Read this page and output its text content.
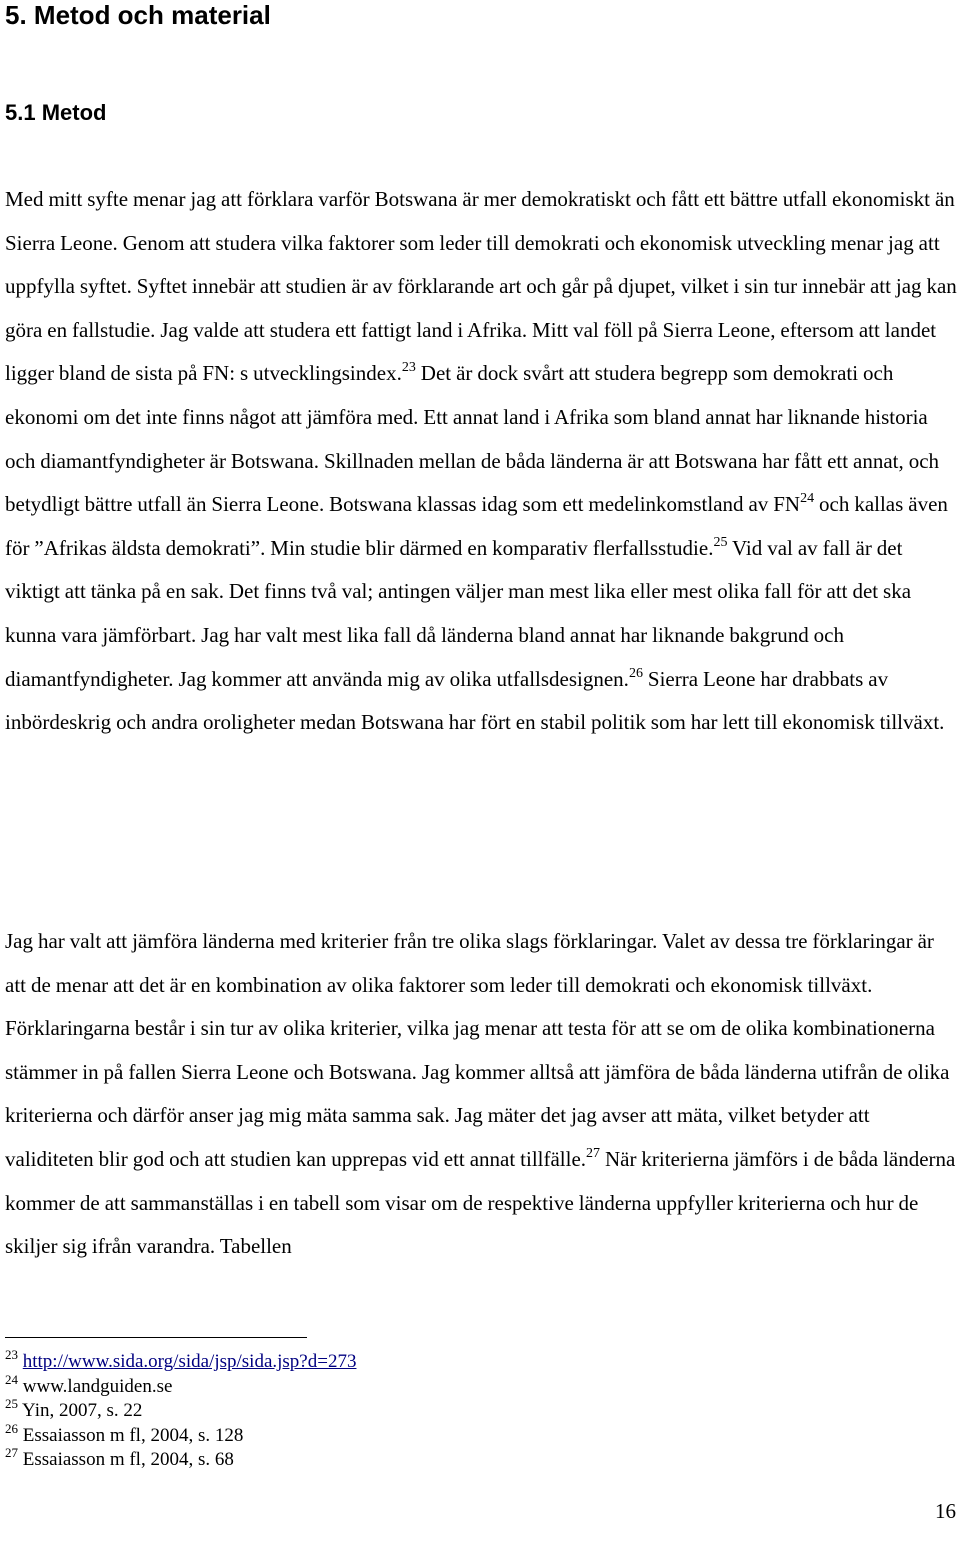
5. Metod och material
5.1 Metod

Med mitt syfte menar jag att förklara varför Botswana är mer demokratiskt och fått ett bättre utfall ekonomiskt än Sierra Leone. Genom att studera vilka faktorer som leder till demokrati och ekonomisk utveckling menar jag att uppfylla syftet. Syftet innebär att studien är av förklarande art och går på djupet, vilket i sin tur innebär att jag kan göra en fallstudie. Jag valde att studera ett fattigt land i Afrika. Mitt val föll på Sierra Leone, eftersom att landet ligger bland de sista på FN: s utvecklingsindex.$^{23}$ Det är dock svårt att studera begrepp som demokrati och ekonomi om det inte finns något att jämföra med. Ett annat land i Afrika som bland annat har liknande historia och diamantfyndigheter är Botswana. Skillnaden mellan de båda länderna är att Botswana har fått ett annat, och betydligt bättre utfall än Sierra Leone. Botswana klassas idag som ett medelinkomstland av FN$^{24}$ och kallas även för ”Afrikas äldsta demokrati”. Min studie blir därmed en komparativ flerfallsstudie.$^{25}$ Vid val av fall är det viktigt att tänka på en sak. Det finns två val; antingen väljer man mest lika eller mest olika fall för att det ska kunna vara jämförbart. Jag har valt mest lika fall då länderna bland annat har liknande bakgrund och diamantfyndigheter. Jag kommer att använda mig av olika utfallsdesignen.$^{26}$ Sierra Leone har drabbats av inbördeskrig och andra oroligheter medan Botswana har fört en stabil politik som har lett till ekonomisk tillväxt.

Jag har valt att jämföra länderna med kriterier från tre olika slags förklaringar. Valet av dessa tre förklaringar är att de menar att det är en kombination av olika faktorer som leder till demokrati och ekonomisk tillväxt. Förklaringarna består i sin tur av olika kriterier, vilka jag menar att testa för att se om de olika kombinationerna stämmer in på fallen Sierra Leone och Botswana. Jag kommer alltså att jämföra de båda länderna utifrån de olika kriterierna och därför anser jag mig mäta samma sak. Jag mäter det jag avser att mäta, vilket betyder att validiteten blir god och att studien kan upprepas vid ett annat tillfälle.$^{27}$ När kriterierna jämförs i de båda länderna kommer de att sammanställas i en tabell som visar om de respektive länderna uppfyller kriterierna och hur de skiljer sig ifrån varandra. Tabellen

$^{23}$ http://www.sida.org/sida/jsp/sida.jsp?d=273
$^{24}$ www.landguiden.se
$^{25}$ Yin, 2007, s. 22
$^{26}$ Essaiasson m fl, 2004, s. 128
$^{27}$ Essaiasson m fl, 2004, s. 68
16
